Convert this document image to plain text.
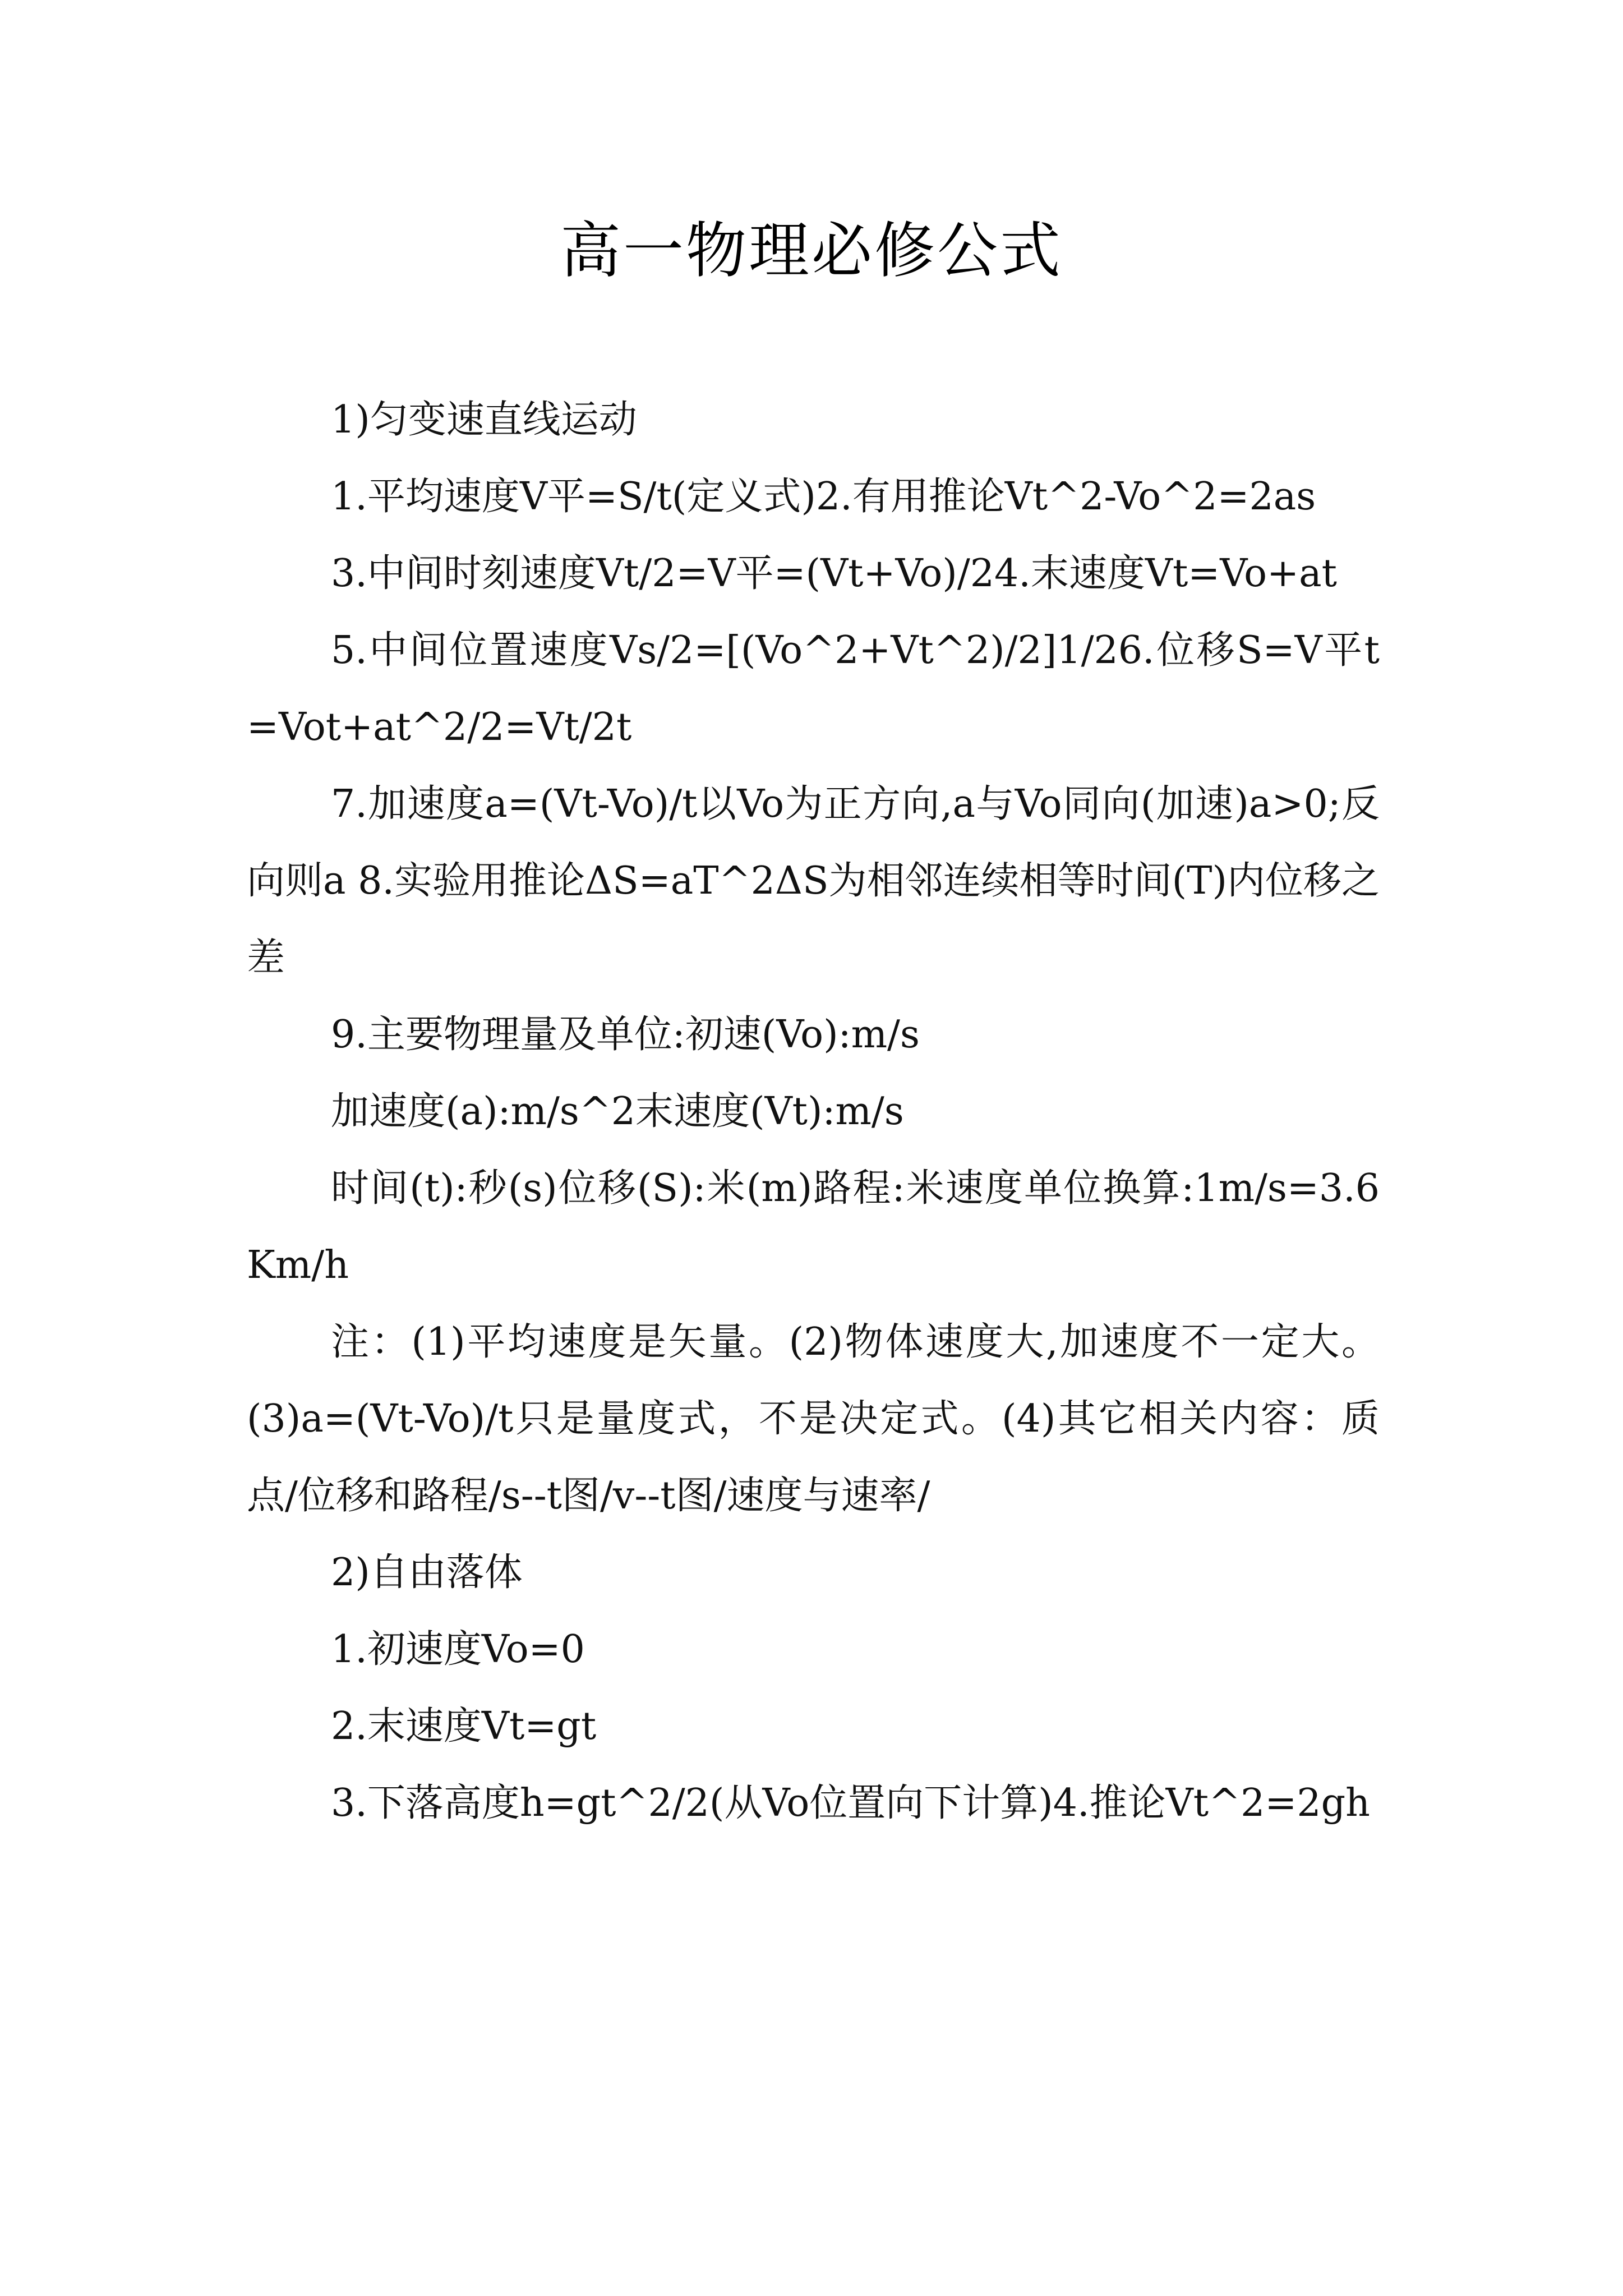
高一物理必修公式

1)匀变速直线运动

1.平均速度V平=S/t(定义式)2.有用推论Vt^2-Vo^2=2as

3.中间时刻速度Vt/2=V平=(Vt+Vo)/24.末速度Vt=Vo+at

5.中间位置速度Vs/2=[(Vo^2+Vt^2)/2]1/26.位移S=V平t=Vot+at^2/2=Vt/2t

7.加速度a=(Vt-Vo)/t以Vo为正方向,a与Vo同向(加速)a>0;反向则a 8.实验用推论ΔS=aT^2ΔS为相邻连续相等时间(T)内位移之差

9.主要物理量及单位:初速(Vo):m/s

加速度(a):m/s^2末速度(Vt):m/s

时间(t):秒(s)位移(S):米(m)路程:米速度单位换算:1m/s=3.6Km/h

注：(1)平均速度是矢量。(2)物体速度大,加速度不一定大。(3)a=(Vt-Vo)/t只是量度式，不是决定式。(4)其它相关内容：质点/位移和路程/s--t图/v--t图/速度与速率/

2)自由落体

1.初速度Vo=0

2.末速度Vt=gt

3.下落高度h=gt^2/2(从Vo位置向下计算)4.推论Vt^2=2gh
